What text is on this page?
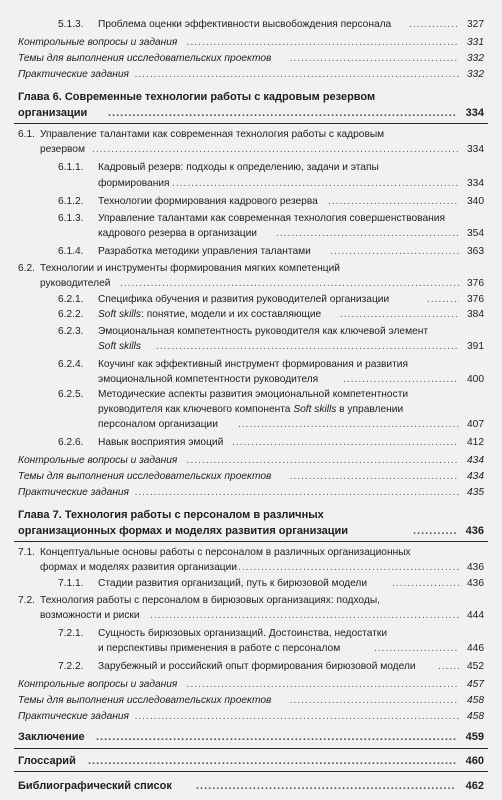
5.1.3. Проблема оценки эффективности высвобождения персонала .....	327
Контрольные вопросы и задания .....	331
Темы для выполнения исследовательских проектов .....	332
Практические задания .....	332
Глава 6. Современные технологии работы с кадровым резервом
организации .....	334
6.1. Управление талантами как современная технология работы с кадровым
резервом .....	334
6.1.1. Кадровый резерв: подходы к определению, задачи и этапы
формирования .....	334
6.1.2. Технологии формирования кадрового резерва .....	340
6.1.3. Управление талантами как современная технология совершенствования
кадрового резерва в организации .....	354
6.1.4. Разработка методики управления талантами .....	363
6.2. Технологии и инструменты формирования мягких компетенций
руководителей .....	376
6.2.1. Специфика обучения и развития руководителей организации .....	376
6.2.2. Soft skills: понятие, модели и их составляющие .....	384
6.2.3. Эмоциональная компетентность руководителя как ключевой элемент
Soft skills .....	391
6.2.4. Коучинг как эффективный инструмент формирования и развития
эмоциональной компетентности руководителя .....	400
6.2.5. Методические аспекты развития эмоциональной компетентности
руководителя как ключевого компонента Soft skills в управлении
персоналом организации .....	407
6.2.6. Навык восприятия эмоций .....	412
Контрольные вопросы и задания .....	434
Темы для выполнения исследовательских проектов .....	434
Практические задания .....	435
Глава 7. Технология работы с персоналом в различных
организационных формах и моделях развития организации .....	436
7.1. Концептуальные основы работы с персоналом в различных организационных
формах и моделях развития организации .....	436
7.1.1. Стадии развития организаций, путь к бирюзовой модели .....	436
7.2. Технология работы с персоналом в бирюзовых организациях: подходы,
возможности и риски .....	444
7.2.1. Сущность бирюзовых организаций. Достоинства, недостатки
и перспективы применения в работе с персоналом .....	446
7.2.2. Зарубежный и российский опыт формирования бирюзовой модели .....	452
Контрольные вопросы и задания .....	457
Темы для выполнения исследовательских проектов .....	458
Практические задания .....	458
Заключение .....	459
Глоссарий .....	460
Библиографический список .....	462
